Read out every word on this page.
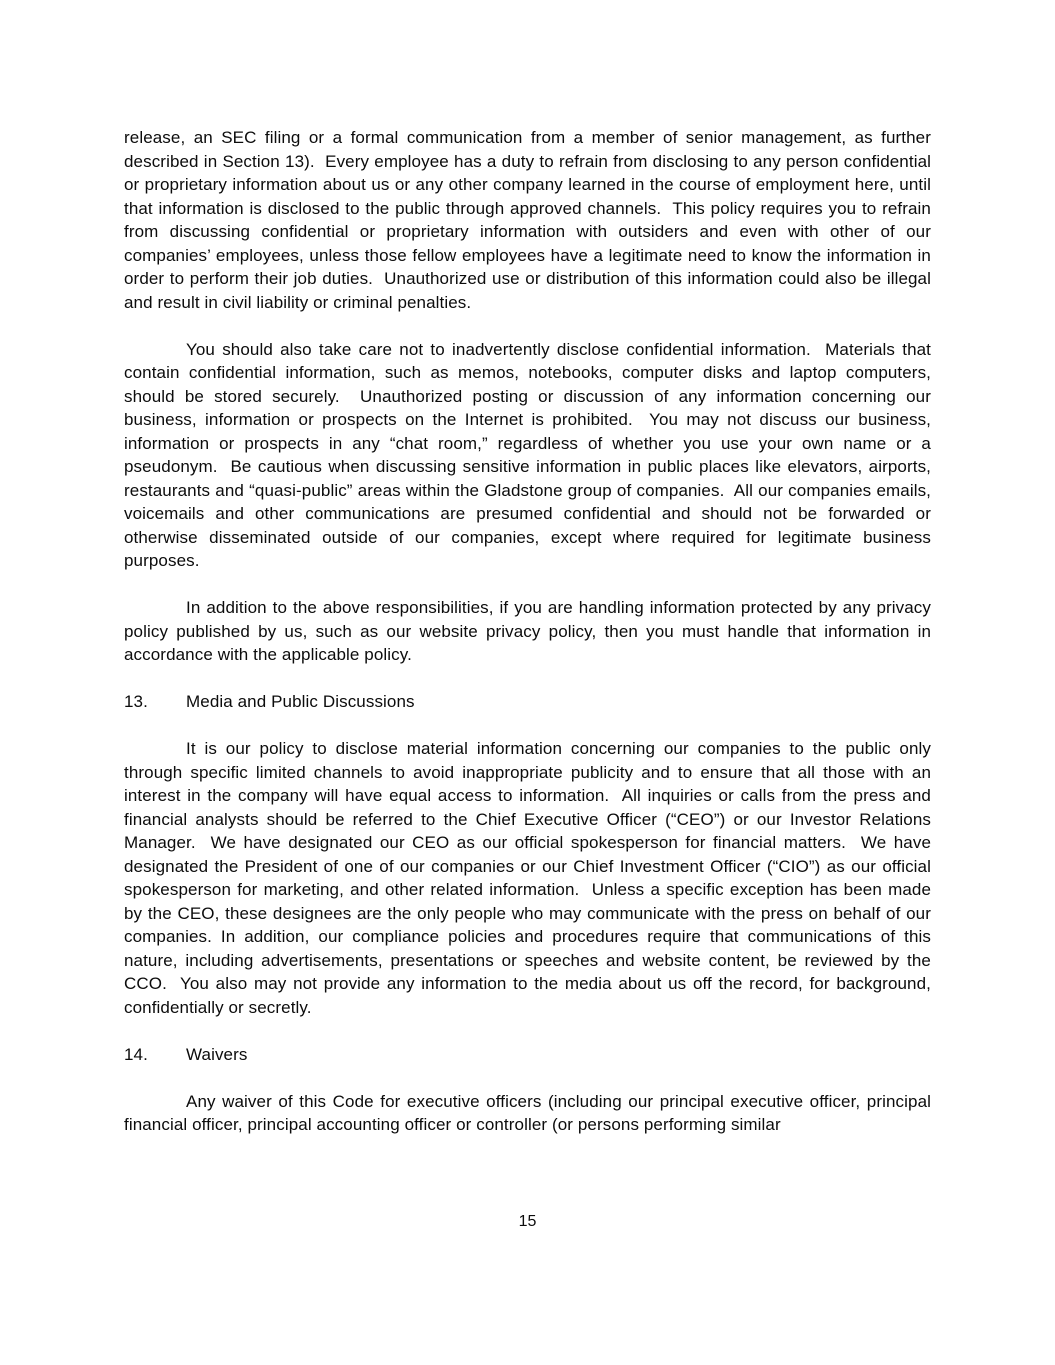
release, an SEC filing or a formal communication from a member of senior management, as further described in Section 13).  Every employee has a duty to refrain from disclosing to any person confidential or proprietary information about us or any other company learned in the course of employment here, until that information is disclosed to the public through approved channels.  This policy requires you to refrain from discussing confidential or proprietary information with outsiders and even with other of our companies’ employees, unless those fellow employees have a legitimate need to know the information in order to perform their job duties.  Unauthorized use or distribution of this information could also be illegal and result in civil liability or criminal penalties.

You should also take care not to inadvertently disclose confidential information.  Materials that contain confidential information, such as memos, notebooks, computer disks and laptop computers, should be stored securely.  Unauthorized posting or discussion of any information concerning our business, information or prospects on the Internet is prohibited.  You may not discuss our business, information or prospects in any “chat room,” regardless of whether you use your own name or a pseudonym.  Be cautious when discussing sensitive information in public places like elevators, airports, restaurants and “quasi-public” areas within the Gladstone group of companies.  All our companies emails, voicemails and other communications are presumed confidential and should not be forwarded or otherwise disseminated outside of our companies, except where required for legitimate business purposes.

In addition to the above responsibilities, if you are handling information protected by any privacy policy published by us, such as our website privacy policy, then you must handle that information in accordance with the applicable policy.

13.	Media and Public Discussions

It is our policy to disclose material information concerning our companies to the public only through specific limited channels to avoid inappropriate publicity and to ensure that all those with an interest in the company will have equal access to information.  All inquiries or calls from the press and financial analysts should be referred to the Chief Executive Officer (“CEO”) or our Investor Relations Manager.  We have designated our CEO as our official spokesperson for financial matters.  We have designated the President of one of our companies or our Chief Investment Officer (“CIO”) as our official spokesperson for marketing, and other related information.  Unless a specific exception has been made by the CEO, these designees are the only people who may communicate with the press on behalf of our companies. In addition, our compliance policies and procedures require that communications of this nature, including advertisements, presentations or speeches and website content, be reviewed by the CCO.  You also may not provide any information to the media about us off the record, for background, confidentially or secretly.

14.	Waivers

Any waiver of this Code for executive officers (including our principal executive officer, principal financial officer, principal accounting officer or controller (or persons performing similar

15
